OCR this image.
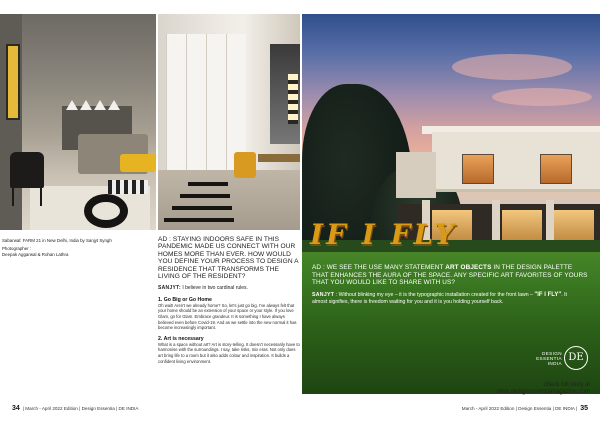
Sabarwal: FARM 21 in New Delhi, India by Sanjyt Syngh
Photographer :
Deepak Aggarwal & Rohan Lathra
AD : STAYING INDOORS SAFE IN THIS PANDEMIC MADE US CONNECT WITH OUR HOMES MORE THAN EVER. HOW WOULD YOU DEFINE YOUR PROCESS TO DESIGN A RESIDENCE THAT TRANSFORMS THE LIVING OF THE RESIDENT?
SANJYT: I believe in two cardinal rules.
1. Go Big or Go Home
Oh wait! Aren't we already home? So, let's just go big. I've always felt that your home should be an extension of your space or your style. If you love Glam, go for Glam. Embrace grandeur. It is something I have always believed even before Covid-19. And as we settle into the new normal it has become increasingly important.
2. Art is necessary
What is a space without art? Art is story-telling. It doesn't necessarily have to harmonise with the surroundings. I say, take risks, mix eras. Not only does art bring life to a room but it also adds colour and inspiration. It builds a confident living environment.
IF I FLY
AD : WE SEE THE USE MANY STATEMENT ART OBJECTS IN THE DESIGN PALETTE THAT ENHANCES THE AURA OF THE SPACE. ANY SPECIFIC ART FAVORITES OF YOURS THAT YOU WOULD LIKE TO SHARE WITH US?
SANJYT : Without blinking my eye – it is the typographic installation created for the front lawn – "IF I FLY". It almost signifies, there is freedom waiting for you and it is you holding yourself back.
DESIGN
ESSENTIA
INDIA
DE
check full story at
www.designessentiamagazine.com
34 | March - April 2022 Edition | Design Essentia | DE INDIA	March - April 2022 Edition | Design Essentia | DE INDIA | 35
